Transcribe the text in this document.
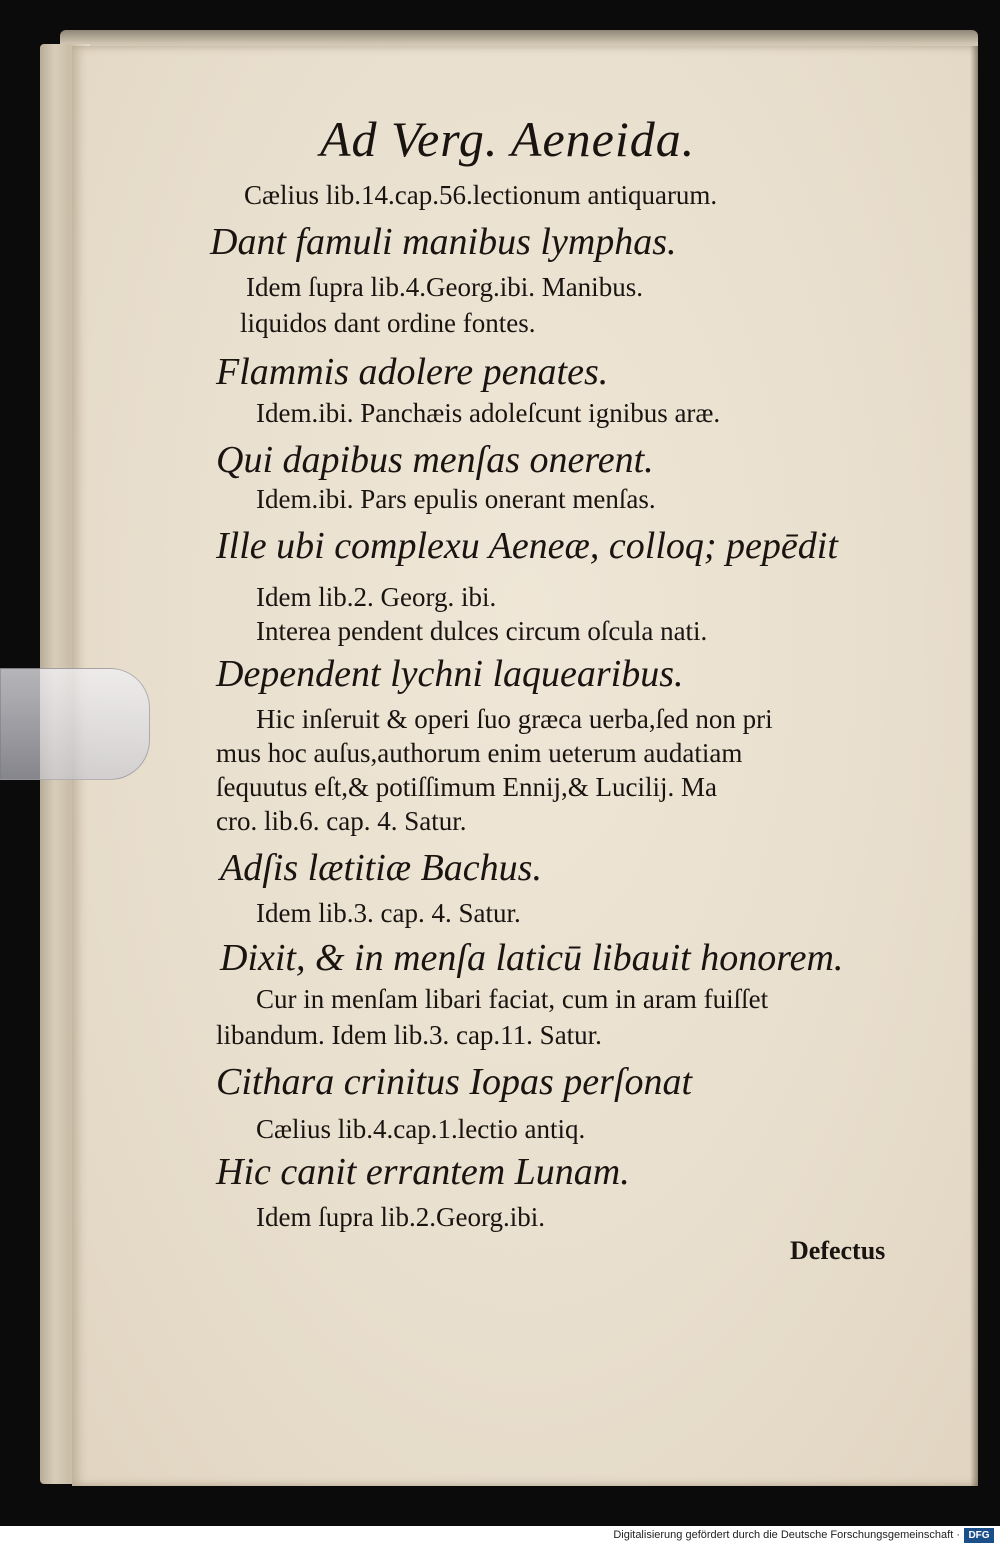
Ad Verg. Aeneida.
Cælius lib.14.cap.56.lectionum antiquarum.
Dant famuli manibus lymphas.
Idem ſupra lib.4.Georg.ibi. Manibus.
liquidos dant ordine fontes.
Flammis adolere penates.
Idem.ibi. Panchæis adoleſcunt ignibus aræ.
Qui dapibus menſas onerent.
Idem.ibi. Pars epulis onerant menſas.
Ille ubi complexu Aeneæ, colloq; pepēdit
Idem lib.2. Georg. ibi.
Interea pendent dulces circum oſcula nati.
Dependent lychni laquearibus.
Hic inſeruit & operi ſuo græca uerba,ſed non pri
mus hoc auſus,authorum enim ueterum audatiam
ſequutus eſt,& potiſſimum Ennij,& Lucilij. Ma
cro. lib.6. cap. 4. Satur.
Adſis lætitiæ Bachus.
Idem lib.3. cap. 4. Satur.
Dixit, & in menſa laticū libauit honorem.
Cur in menſam libari faciat, cum in aram fuiſſet
libandum. Idem lib.3. cap.11. Satur.
Cithara crinitus Iopas perſonat
Cælius lib.4.cap.1.lectio antiq.
Hic canit errantem Lunam.
Idem ſupra lib.2.Georg.ibi.
Defectus
Digitalisierung gefördert durch die Deutsche Forschungsgemeinschaft · DFG
